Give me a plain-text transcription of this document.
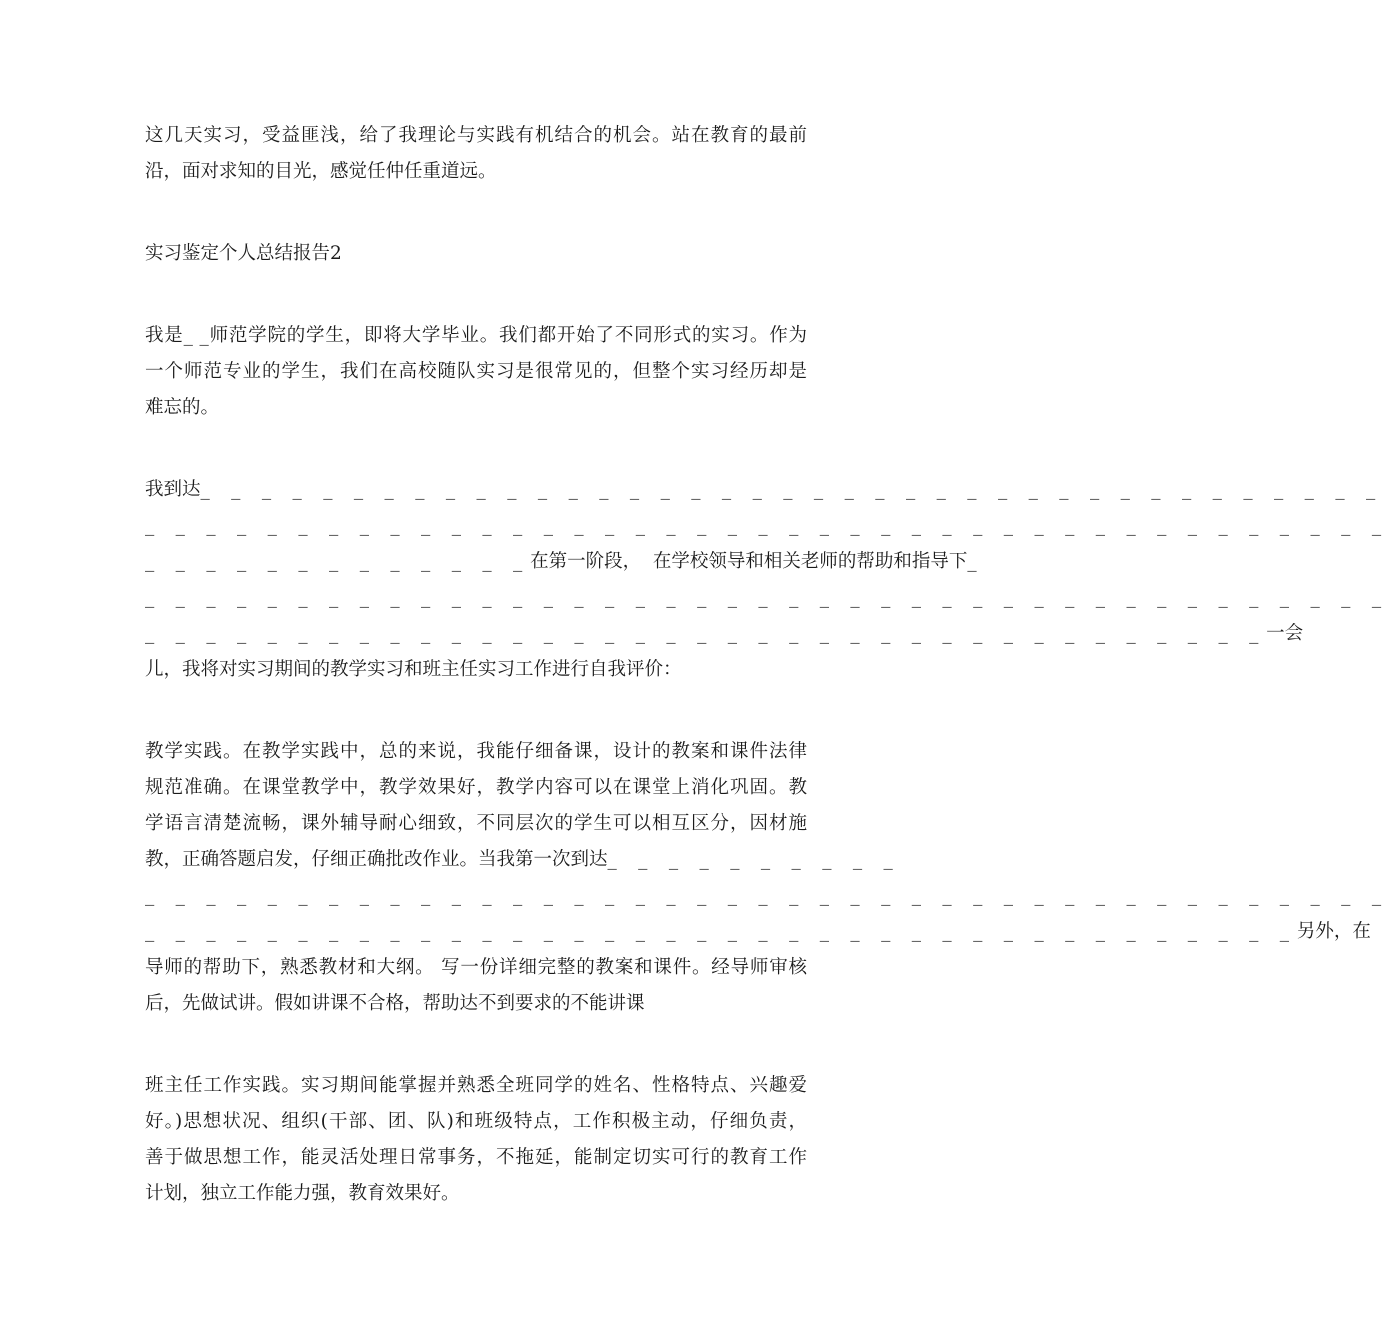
这几天实习，受益匪浅，给了我理论与实践有机结合的机会。站在教育的最前
沿，面对求知的目光，感觉任仲任重道远。
实习鉴定个人总结报告2
我是_ _师范学院的学生，即将大学毕业。我们都开始了不同形式的实习。作为
一个师范专业的学生，我们在高校随队实习是很常见的，但整个实习经历却是
难忘的。
我到达_ _ _ _ _ _ _ _ _ _ _ _ _ _ _ _ _ _ _ _ _ _ _ _ _ _ _ _ _ _ _ _ _ _ _ _ _ _ _
_ _ _ _ _ _ _ _ _ _ _ _ _ _ _ _ _ _ _ _ _ _ _ _ _ _ _ _ _ _ _ _ _ _ _ _ _ _ _ _ _
_ _ _ _ _ _ _ _ _ _ _ _ _在第一阶段，  在学校领导和相关老师的帮助和指导下_
_ _ _ _ _ _ _ _ _ _ _ _ _ _ _ _ _ _ _ _ _ _ _ _ _ _ _ _ _ _ _ _ _ _ _ _ _ _ _ _ _
_ _ _ _ _ _ _ _ _ _ _ _ _ _ _ _ _ _ _ _ _ _ _ _ _ _ _ _ _ _ _ _ _ _ _ _ _一会
儿，我将对实习期间的教学实习和班主任实习工作进行自我评价：
教学实践。在教学实践中，总的来说，我能仔细备课，设计的教案和课件法律
规范准确。在课堂教学中，教学效果好，教学内容可以在课堂上消化巩固。教
学语言清楚流畅，课外辅导耐心细致，不同层次的学生可以相互区分，因材施
教，正确答题启发，仔细正确批改作业。当我第一次到达_ _ _ _ _ _ _ _ _ _
_ _ _ _ _ _ _ _ _ _ _ _ _ _ _ _ _ _ _ _ _ _ _ _ _ _ _ _ _ _ _ _ _ _ _ _ _ _ _ _ _
_ _ _ _ _ _ _ _ _ _ _ _ _ _ _ _ _ _ _ _ _ _ _ _ _ _ _ _ _ _ _ _ _ _ _ _ _ _另外，在
导师的帮助下，熟悉教材和大纲。 写一份详细完整的教案和课件。经导师审核
后，先做试讲。假如讲课不合格，帮助达不到要求的不能讲课
班主任工作实践。实习期间能掌握并熟悉全班同学的姓名、性格特点、兴趣爱
好。)思想状况、组织(干部、团、队)和班级特点，工作积极主动，仔细负责，
善于做思想工作，能灵活处理日常事务，不拖延，能制定切实可行的教育工作
计划，独立工作能力强，教育效果好。
